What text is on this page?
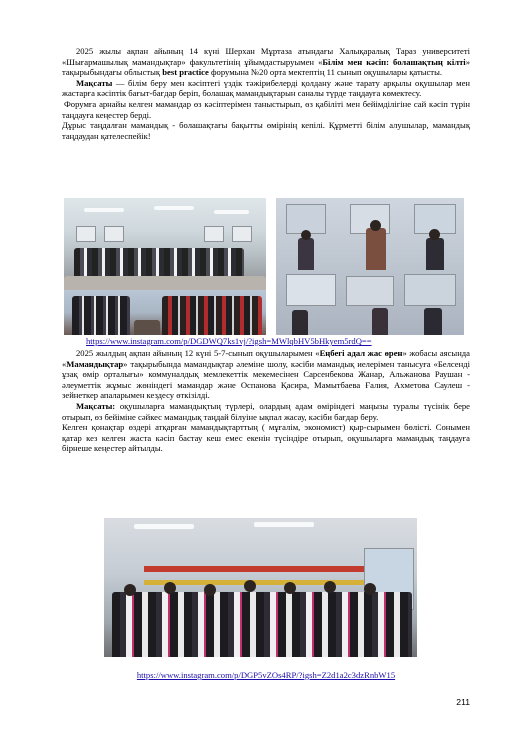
2025 жылы ақпан айының 14 күні Шерхан Мұртаза атындағы Халықаралық Тараз университеті «Шығармашылық мамандықтар» факультетінің ұйымдастыруымен «Білім мен кәсіп: болашақтың кілті» тақырыбындағы облыстық best practice форумына №20 орта мектептің 11 сынып оқушылары қатысты.

Мақсаты — білім беру мен кәсіптегі үздік тәжірибелерді қолдану және тарату арқылы оқушылар мен жастарға кәсіптік бағыт-бағдар беріп, болашақ мамандықтарын саналы түрде таңдауға көмектесу.

Форумға арнайы келген мамандар өз кәсіптерімен таныстырып, өз қабіліті мен бейімділігіне сай кәсіп түрін таңдауға кеңестер берді.

Дұрыс таңдалған мамандық - болашақтағы бақытты өмірінің кепілі. Құрметті білім алушылар, мамандық таңдаудан қателеспейік!

https://www.instagram.com/p/DGDWQ7ks1vj/?igsh=MWlqbHV5bHkyem5rdQ==

2025 жылдың ақпан айының 12 күні 5-7-сынып оқушыларымен «Еңбегі адал жас өрен» жобасы аясында «Мамандықтар» тақырыбында мамандықтар әлеміне шолу, кәсіби мамандық иелерімен танысуға «Белсенді ұзақ өмір орталығы» коммуналдық мемлекеттік мекемесінен Сарсенбекова Жанар, Альжанова Раушан - әлеуметтік жұмыс жөніндегі мамандар және Оспанова Қасира, Мамытбаева Ғалия, Ахметова Саулеш - зейнеткер апаларымен кездесу өткізілді.

Мақсаты: оқушыларға мамандықтың түрлері, олардың адам өміріндегі маңызы туралы түсінік бере отырып, өз бейіміне сәйкес мамандық таңдай білуіне ықпал жасау, кәсіби бағдар беру.

Келген қонақтар өздері атқарған мамандықтарттың ( мұғалім, экономист) қыр-сырымен бөлісті. Сонымен қатар кез келген жаста кәсіп бастау кеш емес екенін түсіндіре отырып, оқушыларға мамандық таңдауға бірнеше кеңестер айтылды.

https://www.instagram.com/p/DGP5vZOs4RP/?igsh=Z2d1a2c3dzRnbW15

211
